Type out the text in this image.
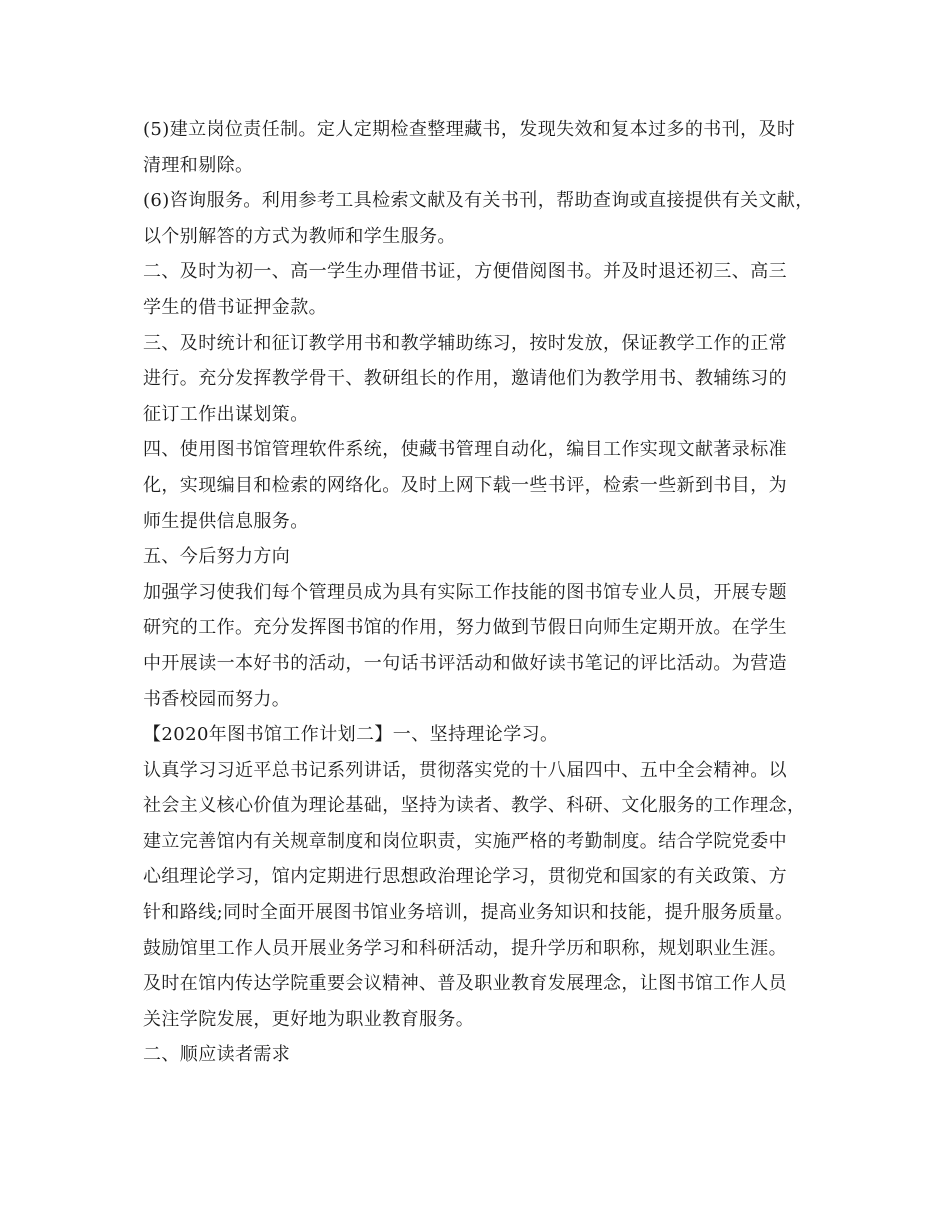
(5)建立岗位责任制。定人定期检查整理藏书，发现失效和复本过多的书刊，及时
清理和剔除。
(6)咨询服务。利用参考工具检索文献及有关书刊，帮助查询或直接提供有关文献，
以个别解答的方式为教师和学生服务。
二、及时为初一、高一学生办理借书证，方便借阅图书。并及时退还初三、高三
学生的借书证押金款。
三、及时统计和征订教学用书和教学辅助练习，按时发放，保证教学工作的正常
进行。充分发挥教学骨干、教研组长的作用，邀请他们为教学用书、教辅练习的
征订工作出谋划策。
四、使用图书馆管理软件系统，使藏书管理自动化，编目工作实现文献著录标准
化，实现编目和检索的网络化。及时上网下载一些书评，检索一些新到书目，为
师生提供信息服务。
五、今后努力方向
加强学习使我们每个管理员成为具有实际工作技能的图书馆专业人员，开展专题
研究的工作。充分发挥图书馆的作用，努力做到节假日向师生定期开放。在学生
中开展读一本好书的活动，一句话书评活动和做好读书笔记的评比活动。为营造
书香校园而努力。
【2020年图书馆工作计划二】一、坚持理论学习。
认真学习习近平总书记系列讲话，贯彻落实党的十八届四中、五中全会精神。以
社会主义核心价值为理论基础，坚持为读者、教学、科研、文化服务的工作理念，
建立完善馆内有关规章制度和岗位职责，实施严格的考勤制度。结合学院党委中
心组理论学习，馆内定期进行思想政治理论学习，贯彻党和国家的有关政策、方
针和路线;同时全面开展图书馆业务培训，提高业务知识和技能，提升服务质量。
鼓励馆里工作人员开展业务学习和科研活动，提升学历和职称，规划职业生涯。
及时在馆内传达学院重要会议精神、普及职业教育发展理念，让图书馆工作人员
关注学院发展，更好地为职业教育服务。
二、顺应读者需求
